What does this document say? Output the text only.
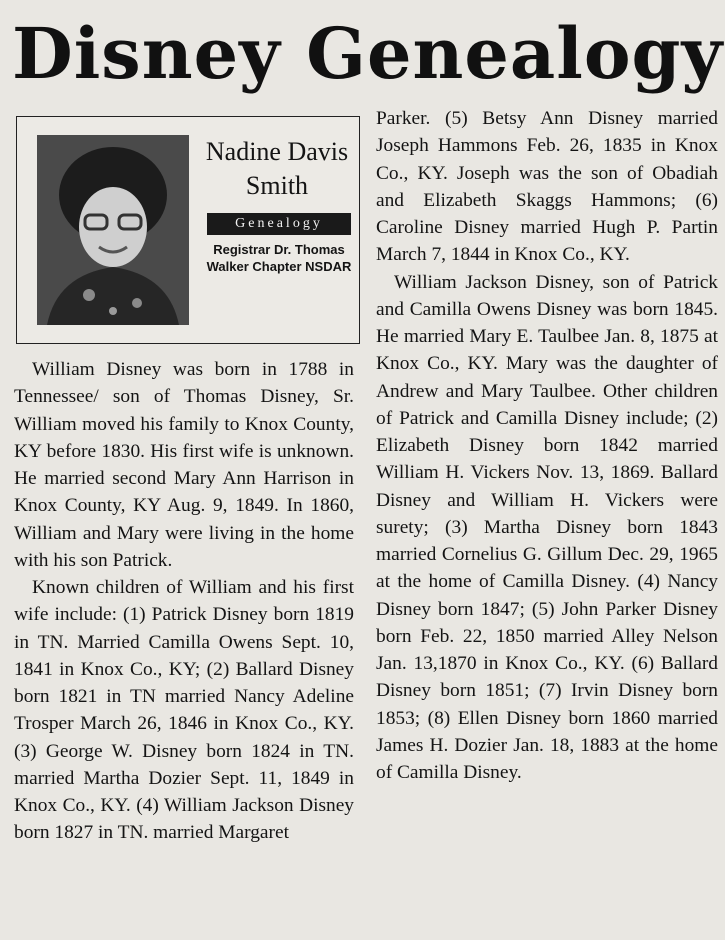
Disney Genealogy
Nadine Davis Smith
Genealogy
Registrar Dr. Thomas Walker Chapter NSDAR

William Disney was born in 1788 in Tennessee/ son of Thomas Disney, Sr. William moved his family to Knox County, KY before 1830. His first wife is unknown. He married second Mary Ann Harrison in Knox County, KY Aug. 9, 1849. In 1860, William and Mary were living in the home with his son Patrick.

Known children of William and his first wife include: (1) Patrick Disney born 1819 in TN. Married Camilla Owens Sept. 10, 1841 in Knox Co., KY; (2) Ballard Disney born 1821 in TN married Nancy Adeline Trosper March 26, 1846 in Knox Co., KY. (3) George W. Disney born 1824 in TN. married Martha Dozier Sept. 11, 1849 in Knox Co., KY. (4) William Jackson Disney born 1827 in TN. married Margaret

Parker. (5) Betsy Ann Disney married Joseph Hammons Feb. 26, 1835 in Knox Co., KY. Joseph was the son of Obadiah and Elizabeth Skaggs Hammons; (6) Caroline Disney married Hugh P. Partin March 7, 1844 in Knox Co., KY.

William Jackson Disney, son of Patrick and Camilla Owens Disney was born 1845. He married Mary E. Taulbee Jan. 8, 1875 at Knox Co., KY. Mary was the daughter of Andrew and Mary Taulbee. Other children of Patrick and Camilla Disney include; (2) Elizabeth Disney born 1842 married William H. Vickers Nov. 13, 1869. Ballard Disney and William H. Vickers were surety; (3) Martha Disney born 1843 married Cornelius G. Gillum Dec. 29, 1965 at the home of Camilla Disney. (4) Nancy Disney born 1847; (5) John Parker Disney born Feb. 22, 1850 married Alley Nelson Jan. 13,1870 in Knox Co., KY. (6) Ballard Disney born 1851; (7) Irvin Disney born 1853; (8) Ellen Disney born 1860 married James H. Dozier Jan. 18, 1883 at the home of Camilla Disney.
